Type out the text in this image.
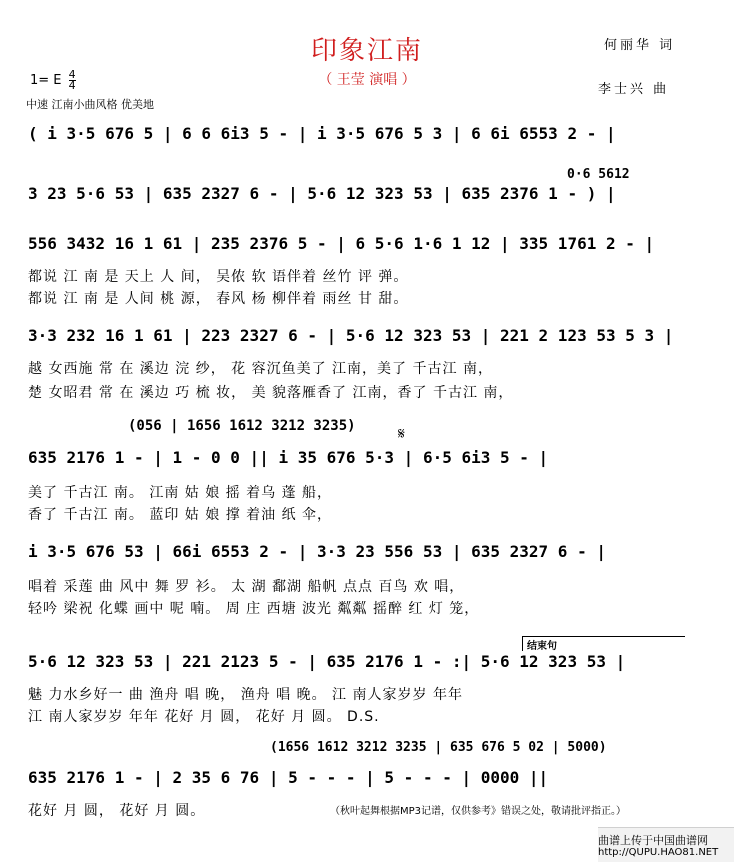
印象江南
（ 王莹 演唱 ）
何丽华 词
李士兴 曲
1= E $\frac{4}{4}$
中速 江南小曲风格 优美地
( i 3·5 676 5 | 6 6 6i3 5 - | i 3·5 676 5 3 | 6 6i 6553 2 - |
0·6 5612
3 23 5·6 53 | 635 2327 6 - | 5·6 12 323 53 | 635 2376 1 - ) |
556 3432 16 1 61 | 235 2376 5 - | 6 5·6 1·6 1 12 | 335 1761 2 - |
都说 江 南 是 天上 人 间， 吴侬 软 语伴着 丝竹 评 弹。
都说 江 南 是 人间 桃 源， 春风 杨 柳伴着 雨丝 甘 甜。
3·3 232 16 1 61 | 223 2327 6 - | 5·6 12 323 53 | 221 2 123 53 5 3 |
越 女西施 常 在 溪边 浣 纱， 花 容沉鱼美了 江南，美了 千古江 南，
楚 女昭君 常 在 溪边 巧 梳 妆， 美 貌落雁香了 江南，香了 千古江 南，
(056 | 1656 1612 3212 3235)	𝄋
635 2176 1 - | 1 - 0 0 || i 35 676 5·3 | 6·5 6i3 5 - |
美了 千古江 南。 江南 姑 娘 摇 着乌 蓬 船，
香了 千古江 南。 蓝印 姑 娘 撑 着油 纸 伞，
i 3·5 676 53 | 66i 6553 2 - | 3·3 23 556 53 | 635 2327 6 - |
唱着 采莲 曲 风中 舞 罗 衫。 太 湖 鄱湖 船帆 点点 百鸟 欢 唱，
轻吟 梁祝 化蝶 画中 呢 喃。 周 庄 西塘 波光 粼粼 摇醉 红 灯 笼，
结束句
5·6 12 323 53 | 221 2123 5 - | 635 2176 1 - :| 5·6 12 323 53 |
魅 力水乡好一 曲 渔舟 唱 晚， 渔舟 唱 晚。 江 南人家岁岁 年年
江 南人家岁岁 年年 花好 月 圆， 花好 月 圆。 D.S.
(1656 1612 3212 3235 | 635 676 5 02 | 5000)
635 2176 1 - | 2 35 6 76 | 5 - - - | 5 - - - | 0000 ||
花好 月 圆， 花好 月 圆。	（秋叶起舞根据MP3记谱，仅供参考》错误之处，敬请批评指正。）
曲谱上传于中国曲谱网
http://QUPU.HAO81.NET
